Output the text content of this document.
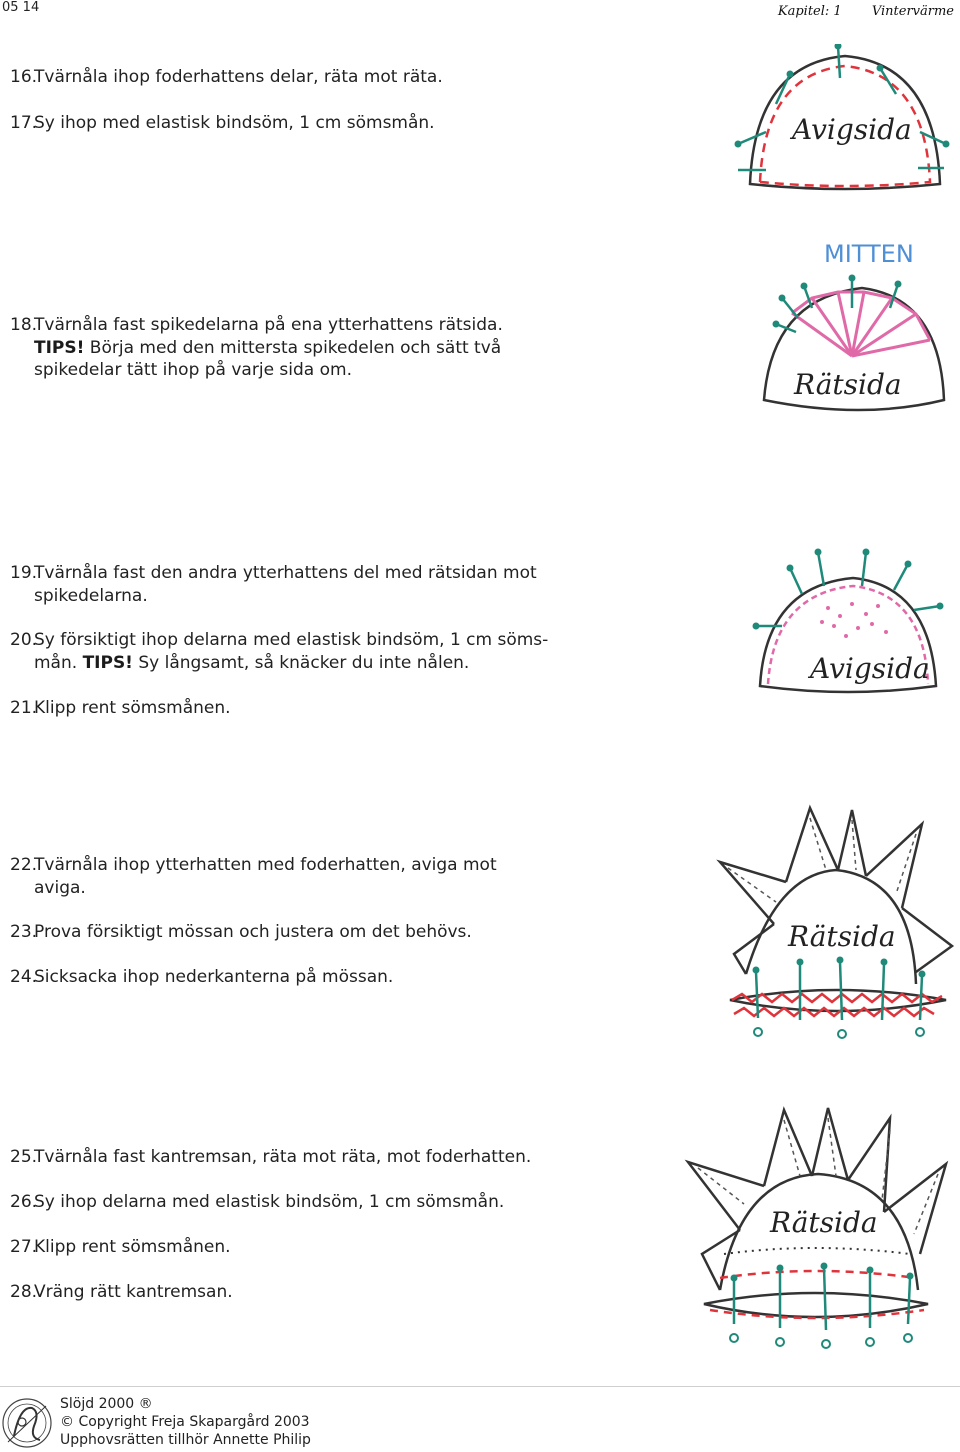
05 14	Kapitel: 1 Vintervärme
16.Tvärnåla ihop foderhattens delar, räta mot räta.
17.Sy ihop med elastisk bindsöm, 1 cm sömsmån.
18.Tvärnåla fast spikedelarna på ena ytterhattens rätsida.
TIPS! Börja med den mittersta spikedelen och sätt två
spikedelar tätt ihop på varje sida om.
19.Tvärnåla fast den andra ytterhattens del med rätsidan mot
spikedelarna.
20.Sy försiktigt ihop delarna med elastisk bindsöm, 1 cm söms-
mån. TIPS! Sy långsamt, så knäcker du inte nålen.
21.Klipp rent sömsmånen.
22.Tvärnåla ihop ytterhatten med foderhatten, aviga mot
aviga.
23.Prova försiktigt mössan och justera om det behövs.
24.Sicksacka ihop nederkanterna på mössan.
25.Tvärnåla fast kantremsan, räta mot räta, mot foderhatten.
26.Sy ihop delarna med elastisk bindsöm, 1 cm sömsmån.
27.Klipp rent sömsmånen.
28.Vräng rätt kantremsan.
Avigsida
MITTEN
Rätsida
Avigsida
Rätsida
Rätsida
Slöjd 2000 ®
© Copyright Freja Skapargård 2003
Upphovsrätten tillhör Annette Philip
